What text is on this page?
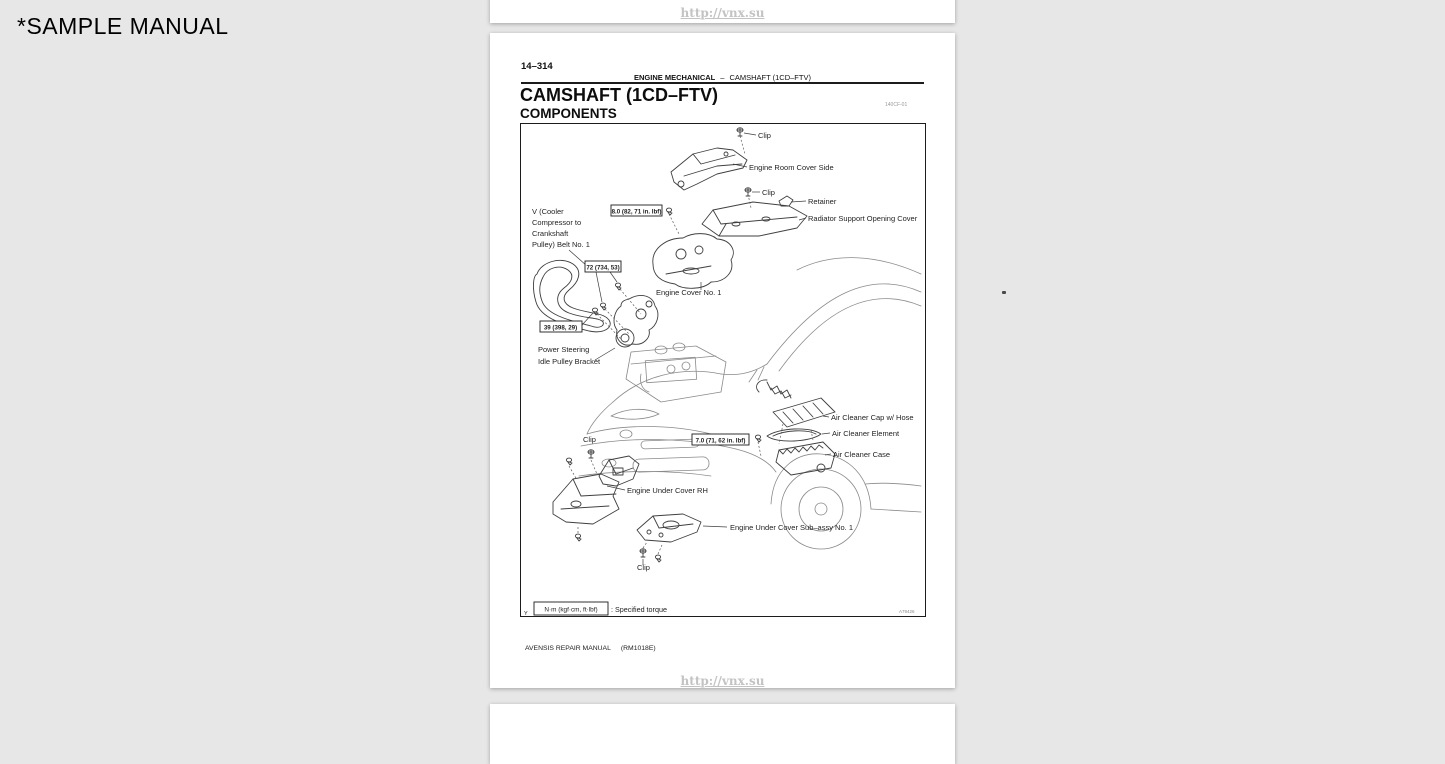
*SAMPLE MANUAL	http://vnx.su
14–314
ENGINE MECHANICAL – CAMSHAFT (1CD–FTV)
CAMSHAFT (1CD–FTV)
COMPONENTS
140CF-01
8.0 (82, 71 in. lbf)
72 (734, 53)
39 (398, 29)
7.0 (71, 62 in. lbf)
Clip
Engine Room Cover Side
Clip
Retainer
Radiator Support Opening Cover
V (Cooler
Compressor to
Crankshaft
Pulley) Belt No. 1
Engine Cover No. 1
Power Steering
Idle Pulley Bracket
Air Cleaner Cap w/ Hose
Air Cleaner Element
Air Cleaner Case
Clip
Engine Under Cover RH
Engine Under Cover Sub–assy No. 1
Clip
Y
N·m (kgf·cm, ft·lbf) : Specified torque	A79426
AVENSIS REPAIR MANUAL (RM1018E)
http://vnx.su
